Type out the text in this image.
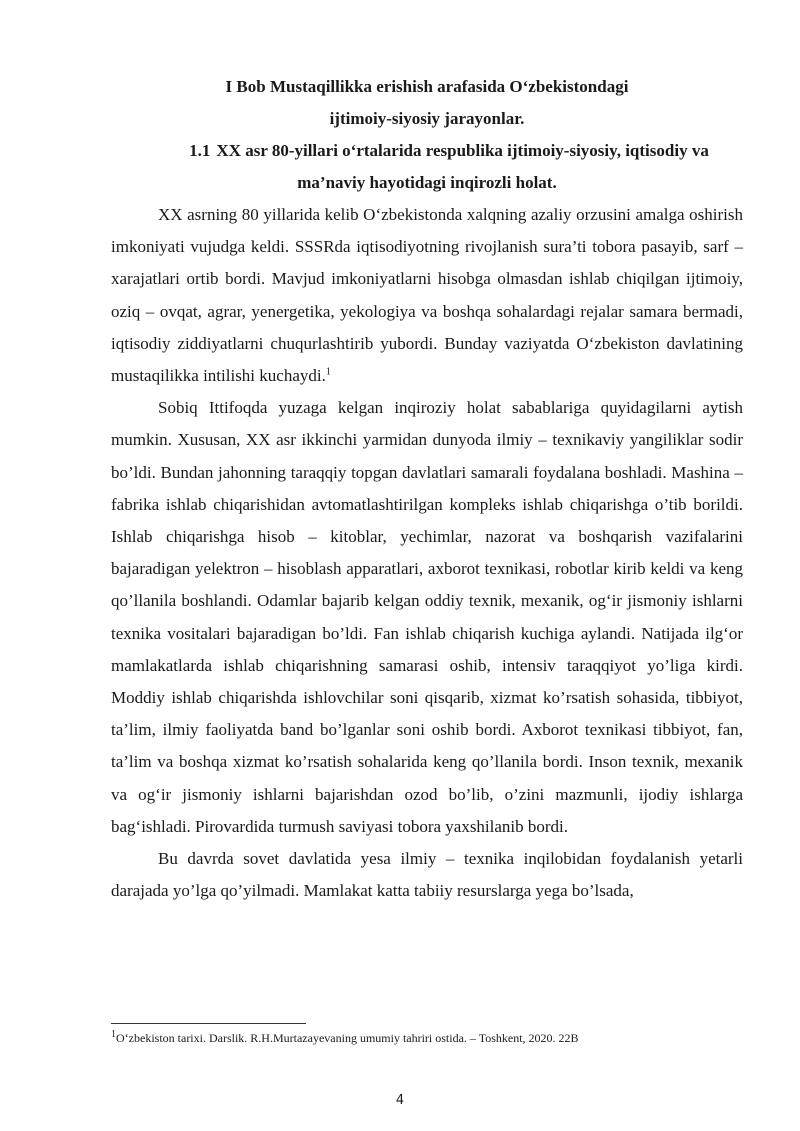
I Bob Mustaqillikka erishish arafasida O‘zbekistondagi

ijtimoiy-siyosiy jarayonlar.

1.1 XX asr 80-yillari o‘rtalarida respublika ijtimoiy-siyosiy, iqtisodiy va

ma’naviy hayotidagi inqirozli holat.

XX asrning 80 yillarida kelib O‘zbekistonda xalqning azaliy orzusini amalga oshirish imkoniyati vujudga keldi. SSSRda iqtisodiyotning rivojlanish sura’ti tobora pasayib, sarf – xarajatlari ortib bordi. Mavjud imkoniyatlarni hisobga olmasdan ishlab chiqilgan ijtimoiy, oziq – ovqat, agrar, yenergetika, yekologiya va boshqa sohalardagi rejalar samara bermadi, iqtisodiy ziddiyatlarni chuqurlashtirib yubordi. Bunday vaziyatda O‘zbekiston davlatining mustaqilikka intilishi kuchaydi.$^1$

Sobiq Ittifoqda yuzaga kelgan inqiroziy holat sabablariga quyidagilarni aytish mumkin. Xususan, XX asr ikkinchi yarmidan dunyoda ilmiy – texnikaviy yangiliklar sodir bo’ldi. Bundan jahonning taraqqiy topgan davlatlari samarali foydalana boshladi. Mashina – fabrika ishlab chiqarishidan avtomatlashtirilgan kompleks ishlab chiqarishga o’tib borildi. Ishlab chiqarishga hisob – kitoblar, yechimlar, nazorat va boshqarish vazifalarini bajaradigan yelektron – hisoblash apparatlari, axborot texnikasi, robotlar kirib keldi va keng qo’llanila boshlandi. Odamlar bajarib kelgan oddiy texnik, mexanik, og‘ir jismoniy ishlarni texnika vositalari bajaradigan bo’ldi. Fan ishlab chiqarish kuchiga aylandi. Natijada ilg‘or mamlakatlarda ishlab chiqarishning samarasi oshib, intensiv taraqqiyot yo’liga kirdi. Moddiy ishlab chiqarishda ishlovchilar soni qisqarib, xizmat ko’rsatish sohasida, tibbiyot, ta’lim, ilmiy faoliyatda band bo’lganlar soni oshib bordi. Axborot texnikasi tibbiyot, fan, ta’lim va boshqa xizmat ko’rsatish sohalarida keng qo’llanila bordi. Inson texnik, mexanik va og‘ir jismoniy ishlarni bajarishdan ozod bo’lib, o’zini mazmunli, ijodiy ishlarga bag‘ishladi. Pirovardida turmush saviyasi tobora yaxshilanib bordi.

Bu davrda sovet davlatida yesa ilmiy – texnika inqilobidan foydalanish yetarli darajada yo’lga qo’yilmadi. Mamlakat katta tabiiy resurslarga yega bo’lsada,

$^1$O‘zbekiston tarixi. Darslik. R.H.Murtazayevaning umumiy tahriri ostida. – Toshkent, 2020. 22B
4
